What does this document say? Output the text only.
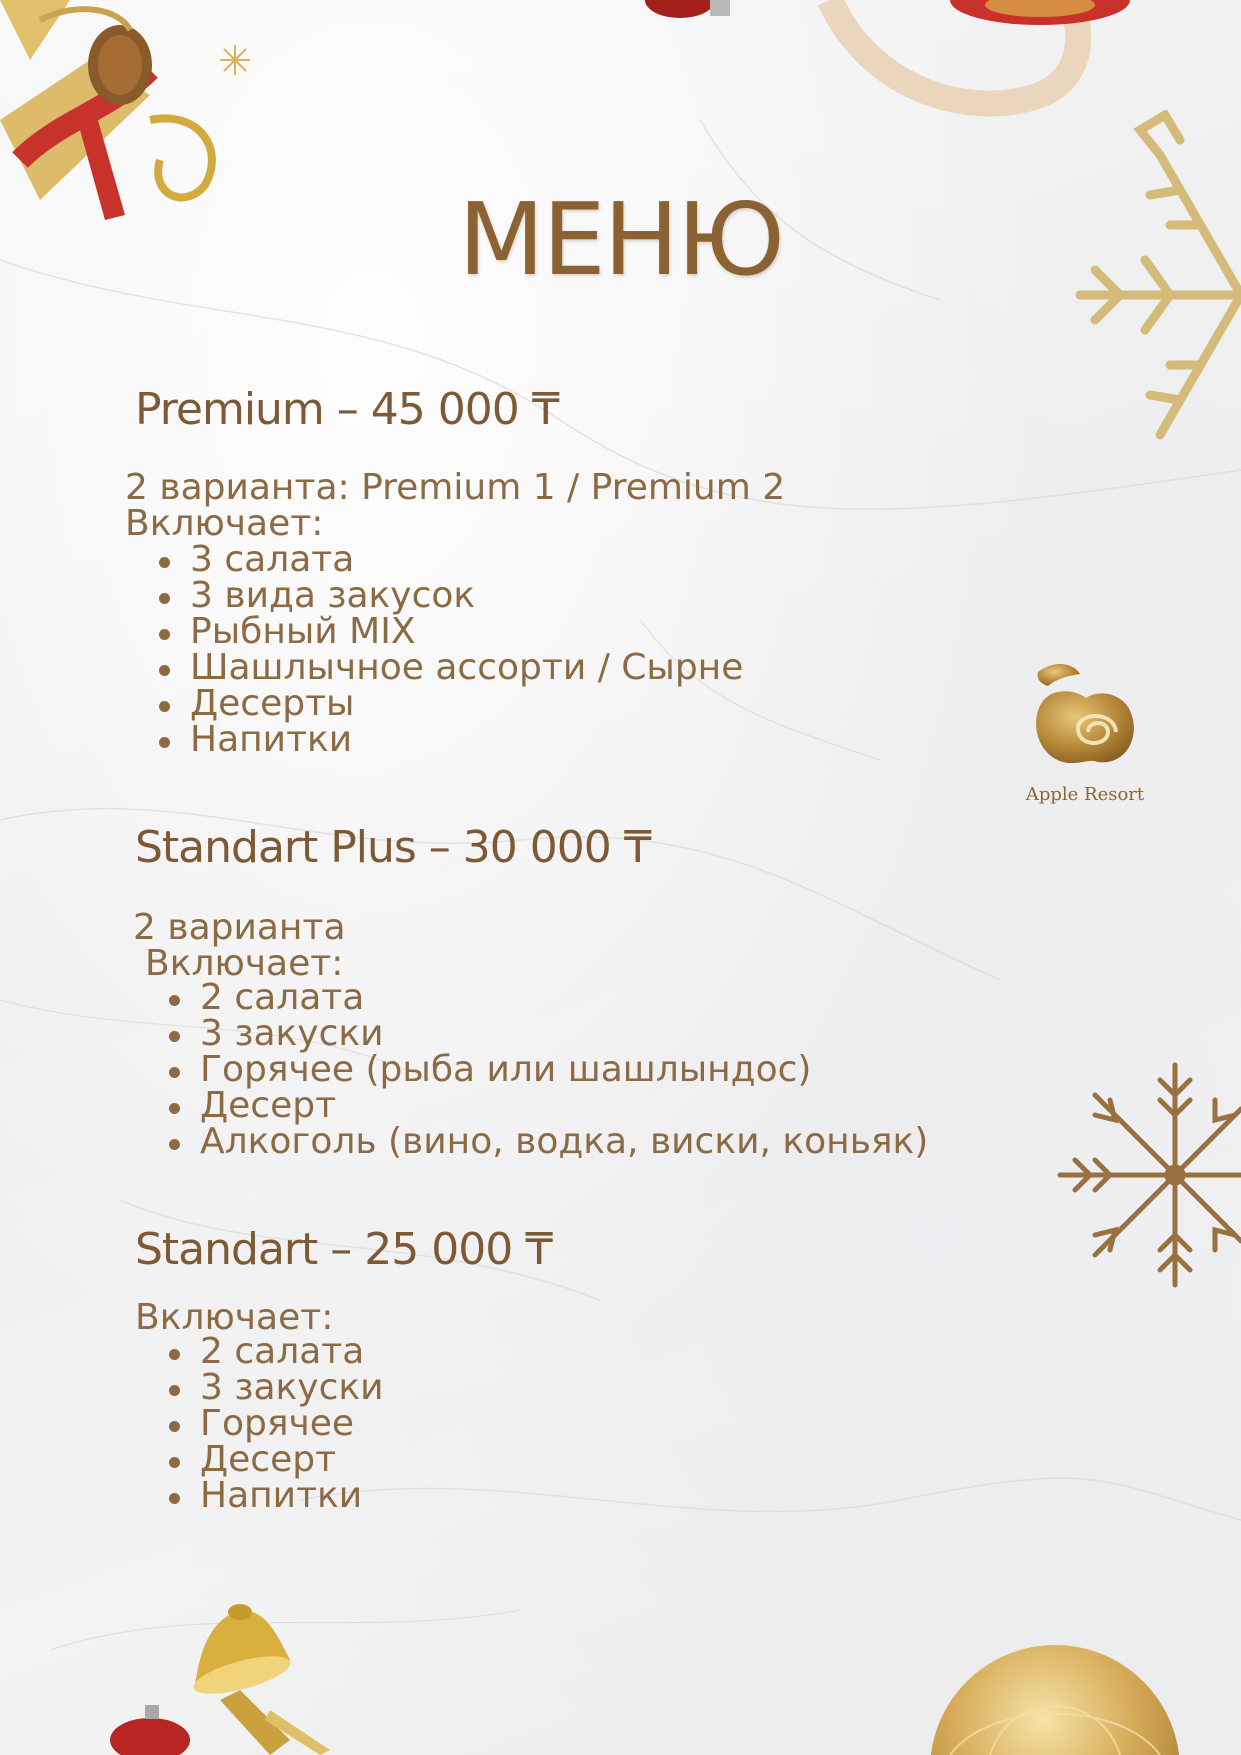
МЕНЮ
Premium – 45 000 ₸
2 варианта: Premium 1 / Premium 2
Включает:
3 салата
3 вида закусок
Рыбный MIX
Шашлычное ассорти / Сырне
Десерты
Напитки
Standart Plus – 30 000 ₸
2 варианта
Включает:
2 салата
3 закуски
Горячее (рыба или шашлындос)
Десерт
Алкоголь (вино, водка, виски, коньяк)
Standart – 25 000 ₸
Включает:
2 салата
3 закуски
Горячее
Десерт
Напитки
Apple Resort
